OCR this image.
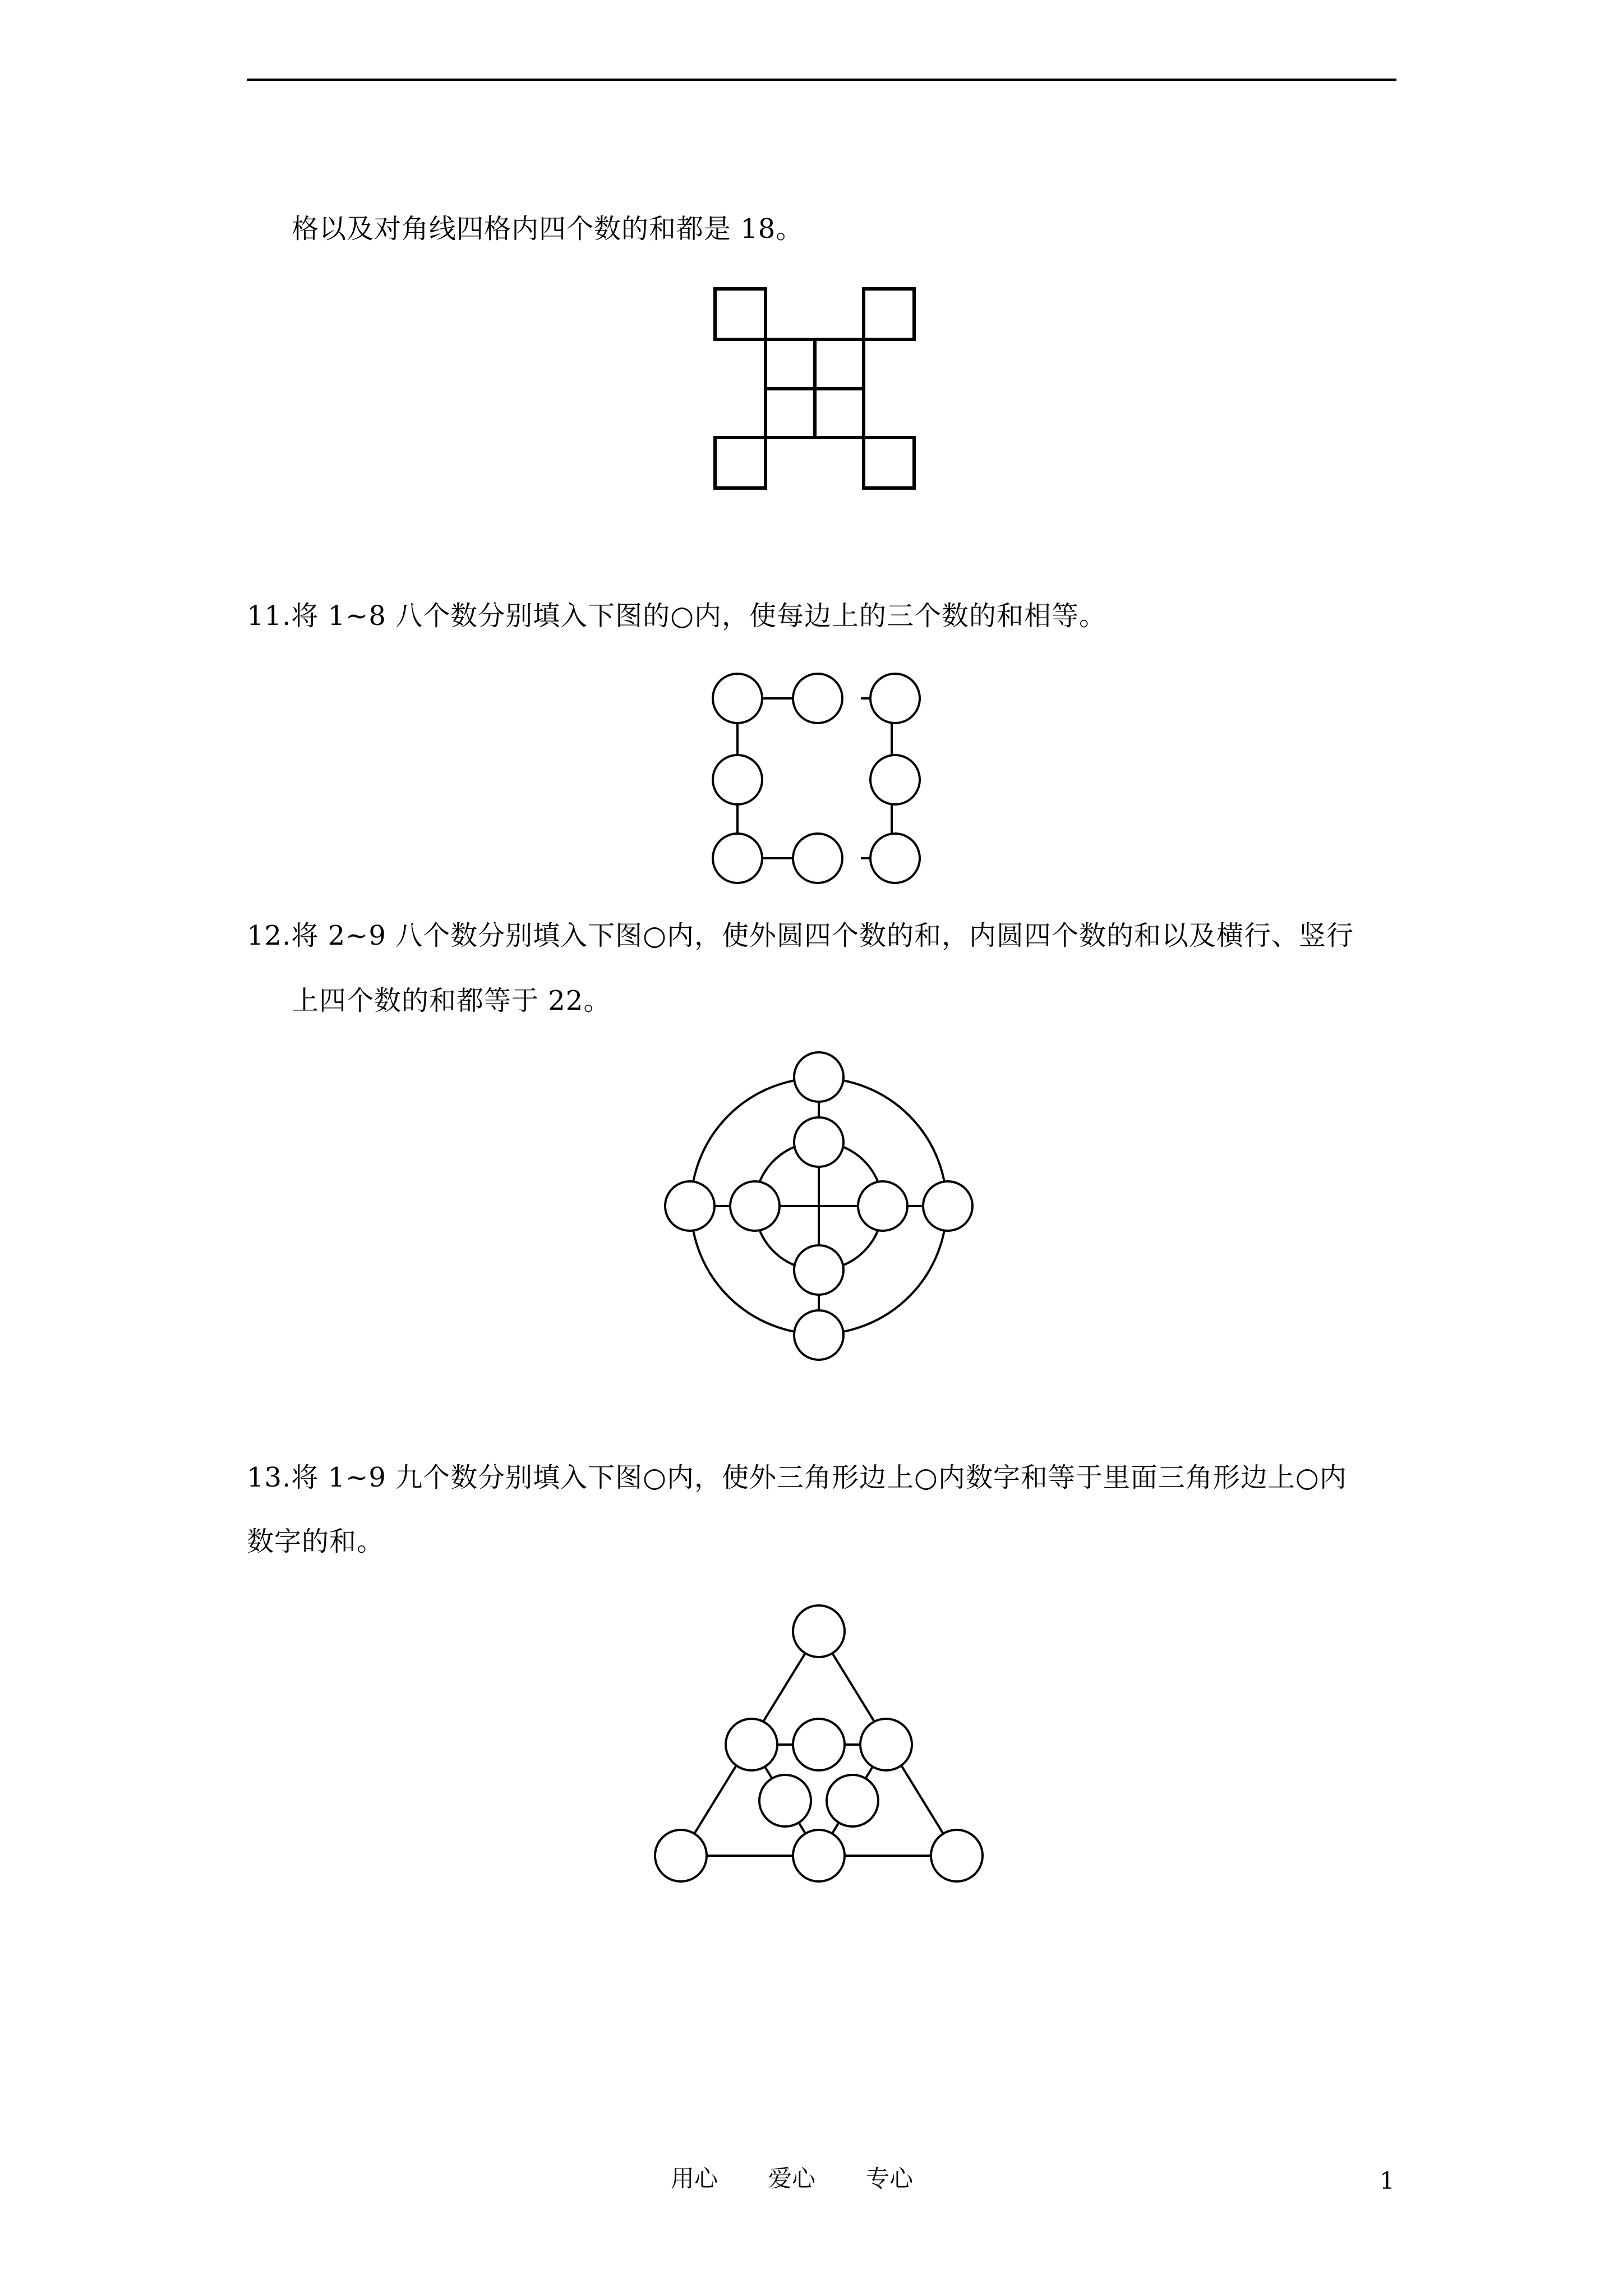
格以及对角线四格内四个数的和都是 18。
11.将 1~8 八个数分别填入下图的○内，使每边上的三个数的和相等。
12.将 2~9 八个数分别填入下图○内，使外圆四个数的和，内圆四个数的和以及横行、竖行
上四个数的和都等于 22。
13.将 1~9 九个数分别填入下图○内，使外三角形边上○内数字和等于里面三角形边上○内
数字的和。
用心 爱心 专心	1
